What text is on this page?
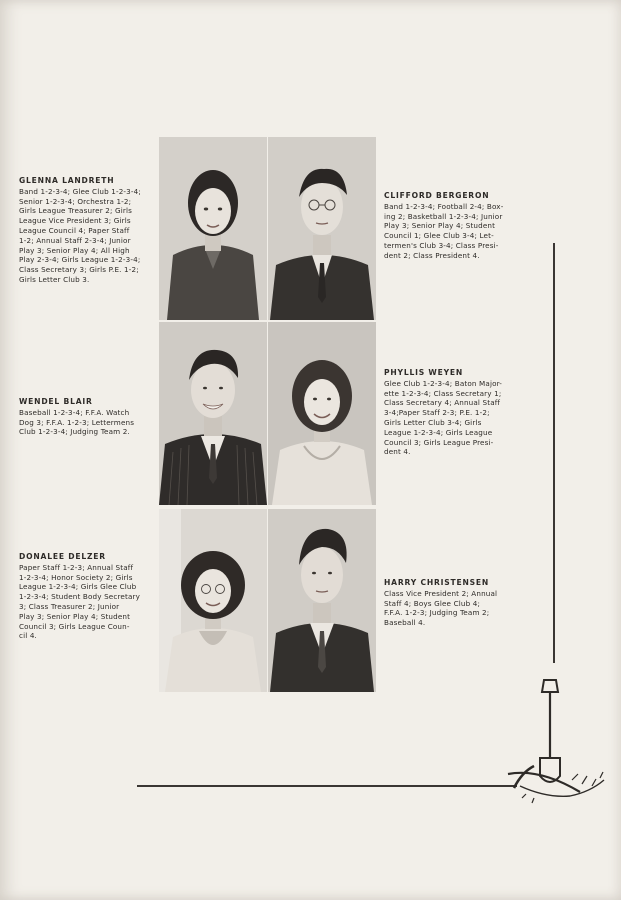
GLENNA LANDRETH
Band 1-2-3-4; Glee Club 1-2-3-4;
Senior 1-2-3-4; Orchestra 1-2;
Girls League Treasurer 2; Girls
League Vice President 3; Girls
League Council 4; Paper Staff
1-2; Annual Staff 2-3-4; Junior
Play 3; Senior Play 4; All High
Play 2-3-4; Girls League 1-2-3-4;
Class Secretary 3; Girls P.E. 1-2;
Girls Letter Club 3.
CLIFFORD BERGERON
Band 1-2-3-4; Football 2-4; Box-
ing 2; Basketball 1-2-3-4; Junior
Play 3; Senior Play 4; Student
Council 1; Glee Club 3-4; Let-
termen's Club 3-4; Class Presi-
dent 2; Class President 4.
WENDEL BLAIR
Baseball 1-2-3-4; F.F.A. Watch
Dog 3; F.F.A. 1-2-3; Lettermens
Club 1-2-3-4; Judging Team 2.
PHYLLIS WEYEN
Glee Club 1-2-3-4; Baton Major-
ette 1-2-3-4; Class Secretary 1;
Class Secretary 4; Annual Staff
3-4;Paper Staff 2-3; P.E. 1-2;
Girls Letter Club 3-4; Girls
League 1-2-3-4; Girls League
Council 3; Girls League Presi-
dent 4.
DONALEE DELZER
Paper Staff 1-2-3; Annual Staff
1-2-3-4; Honor Society 2; Girls
League 1-2-3-4; Girls Glee Club
1-2-3-4; Student Body Secretary
3; Class Treasurer 2; Junior
Play 3; Senior Play 4; Student
Council 3; Girls League Coun-
cil 4.
HARRY CHRISTENSEN
Class Vice President 2; Annual
Staff 4; Boys Glee Club 4;
F.F.A. 1-2-3; Judging Team 2;
Baseball 4.
